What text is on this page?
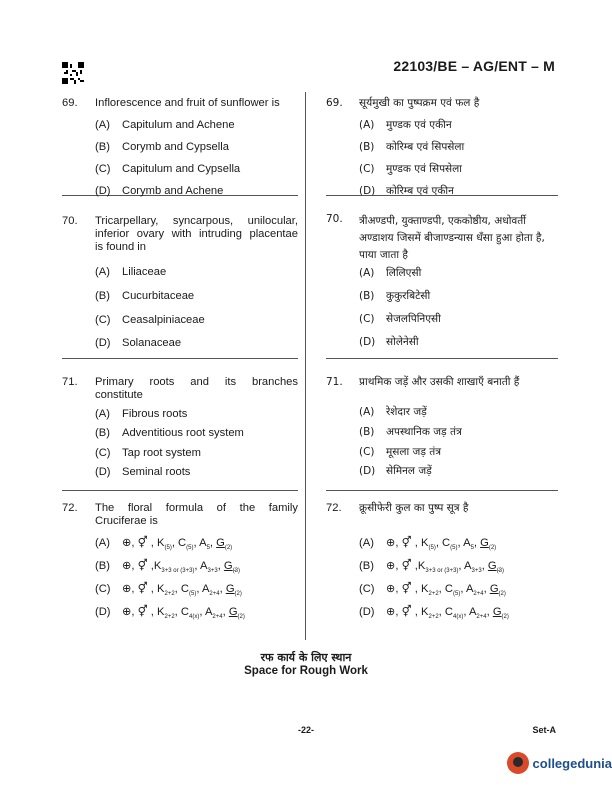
22103/BE – AG/ENT – M
69. Inflorescence and fruit of sunflower is
(A) Capitulum and Achene
(B) Corymb and Cypsella
(C) Capitulum and Cypsella
(D) Corymb and Achene
70. Tricarpellary, syncarpous, unilocular,
inferior ovary with intruding placentae
is found in
(A) Liliaceae
(B) Cucurbitaceae
(C) Ceasalpiniaceae
(D) Solanaceae
71. Primary roots and its branches
constitute
(A) Fibrous roots
(B) Adventitious root system
(C) Tap root system
(D) Seminal roots
72. The floral formula of the family
Cruciferae is
(A) ⊕, ⚥ , $K_{(5)}$, $C_{(5)}$, $A_5$, $G_{(2)}$
(B) ⊕, ⚥ $,K_{3+3 or (3+3)}$, $A_{3+3}$, $G_{(3)}$
(C) ⊕, ⚥ , $K_{2+2}$, $C_{(5)}$, $A_{2+4}$, $G_{(2)}$
(D) ⊕, ⚥ , $K_{2+2}$, $C_{4(x)}$, $A_{2+4}$, $G_{(2)}$
69. सूर्यमुखी का पुष्पक्रम एवं फल है
(A) मुण्डक एवं एकीन
(B) कोरिम्ब एवं सिपसेला
(C) मुण्डक एवं सिपसेला
(D) कोरिम्ब एवं एकीन
70. त्रीअण्डपी, युक्ताण्डपी, एककोष्ठीय, अधोवर्ती
अण्डाशय जिसमें बीजाण्डन्यास धँसा हुआ होता है,
पाया जाता है
(A) लिलिएसी
(B) कुकुरबिटेसी
(C) सेजलपिनिएसी
(D) सोलेनेसी
71. प्राथमिक जड़ें और उसकी शाखाएँ बनाती हैं
(A) रेशेदार जड़ें
(B) अपस्थानिक जड़ तंत्र
(C) मूसला जड़ तंत्र
(D) सेमिनल जड़ें
72. क्रूसीफेरी कुल का पुष्प सूत्र है
(A) ⊕, ⚥ , $K_{(5)}$, $C_{(5)}$, $A_5$, $G_{(2)}$
(B) ⊕, ⚥ $,K_{3+3 or (3+3)}$, $A_{3+3}$, $G_{(3)}$
(C) ⊕, ⚥ , $K_{2+2}$, $C_{(5)}$, $A_{2+4}$, $G_{(2)}$
(D) ⊕, ⚥ , $K_{2+2}$, $C_{4(x)}$, $A_{2+4}$, $G_{(2)}$
रफ कार्य के लिए स्थान
Space for Rough Work
-22-	Set-A
collegedunia
